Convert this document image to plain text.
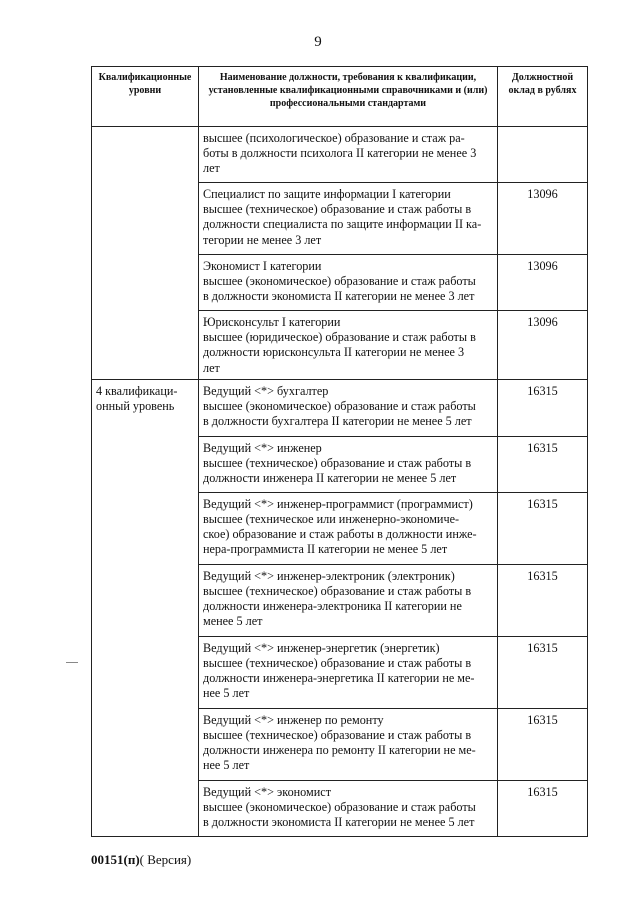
9
Квалификационные уровни	Наименование должности, требования к квалификации, установленные квалификационными справочниками и (или) профессиональными стандартами	Должностной оклад в рублях

	высшее (психологическое) образование и стаж ра-
боты в должности психолога II категории не менее 3
лет	

	Специалист по защите информации I категории
высшее (техническое) образование и стаж работы в
должности специалиста по защите информации II ка-
тегории не менее 3 лет	13096

	Экономист I категории
высшее (экономическое) образование и стаж работы
в должности экономиста II категории не менее 3 лет	13096

	Юрисконсульт I категории
высшее (юридическое) образование и стаж работы в
должности юрисконсульта II категории не менее 3
лет	13096

4 квалификаци-
онный уровень	Ведущий <*> бухгалтер
высшее (экономическое) образование и стаж работы
в должности бухгалтера II категории не менее 5 лет	16315

	Ведущий <*> инженер
высшее (техническое) образование и стаж работы в
должности инженера II категории не менее 5 лет	16315

	Ведущий <*> инженер-программист (программист)
высшее (техническое или инженерно-экономиче-
ское) образование и стаж работы в должности инже-
нера-программиста II категории не менее 5 лет	16315

	Ведущий <*> инженер-электроник (электроник)
высшее (техническое) образование и стаж работы в
должности инженера-электроника II категории не
менее 5 лет	16315

	Ведущий <*> инженер-энергетик (энергетик)
высшее (техническое) образование и стаж работы в
должности инженера-энергетика II категории не ме-
нее 5 лет	16315

	Ведущий <*> инженер по ремонту
высшее (техническое) образование и стаж работы в
должности инженера по ремонту II категории не ме-
нее 5 лет	16315

	Ведущий <*> экономист
высшее (экономическое) образование и стаж работы
в должности экономиста II категории не менее 5 лет	16315
00151(п)( Версия)
